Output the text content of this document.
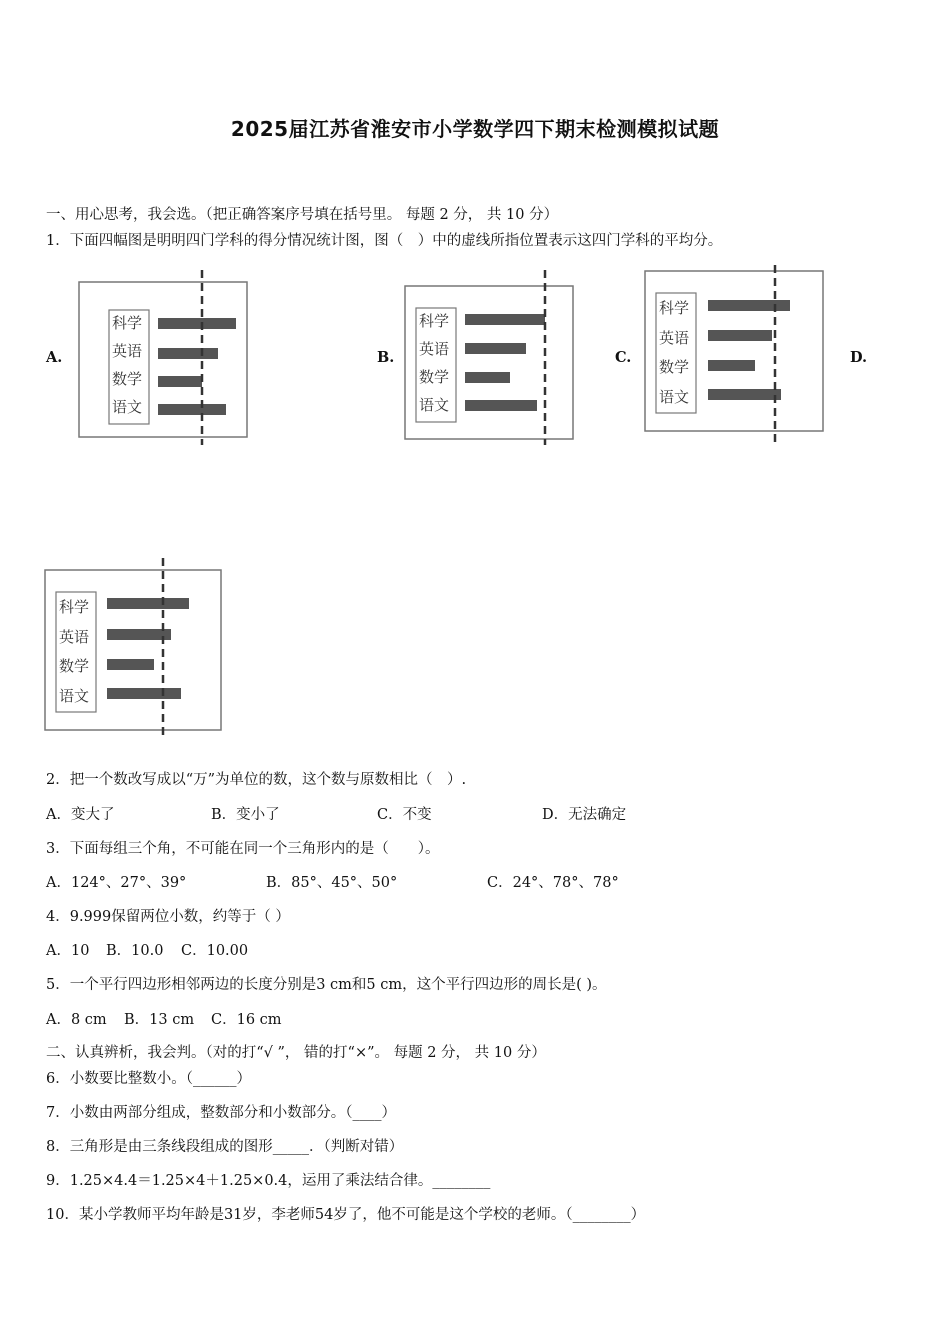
2025届江苏省淮安市小学数学四下期末检测模拟试题
一、用心思考，我会选。（把正确答案序号填在括号里。 每题 2 分， 共 10 分）
1．下面四幅图是明明四门学科的得分情况统计图，图（　）中的虚线所指位置表示这四门学科的平均分。
A.	B.	C.	D.
科学
英语
数学
语文
科学
英语
数学
语文
科学
英语
数学
语文
科学
英语
数学
语文
2．把一个数改写成以“万”为单位的数，这个数与原数相比（　）.
A．变大了	B．变小了	C．不变	D．无法确定
3．下面每组三个角，不可能在同一个三角形内的是（　　）。
A．124°、27°、39°	B．85°、45°、50°	C．24°、78°、78°
4．9.999保留两位小数，约等于（ ）
A．10 B．10.0 C．10.00
5．一个平行四边形相邻两边的长度分别是3 cm和5 cm，这个平行四边形的周长是( )。
A．8 cm B．13 cm C．16 cm
二、认真辨析，我会判。（对的打“√ ”， 错的打“×”。 每题 2 分， 共 10 分）
6．小数要比整数小。（______）
7．小数由两部分组成，整数部分和小数部分。（____）
8．三角形是由三条线段组成的图形_____．（判断对错）
9．1.25×4.4＝1.25×4＋1.25×0.4，运用了乘法结合律。________
10．某小学教师平均年龄是31岁，李老师54岁了，他不可能是这个学校的老师。（________）
